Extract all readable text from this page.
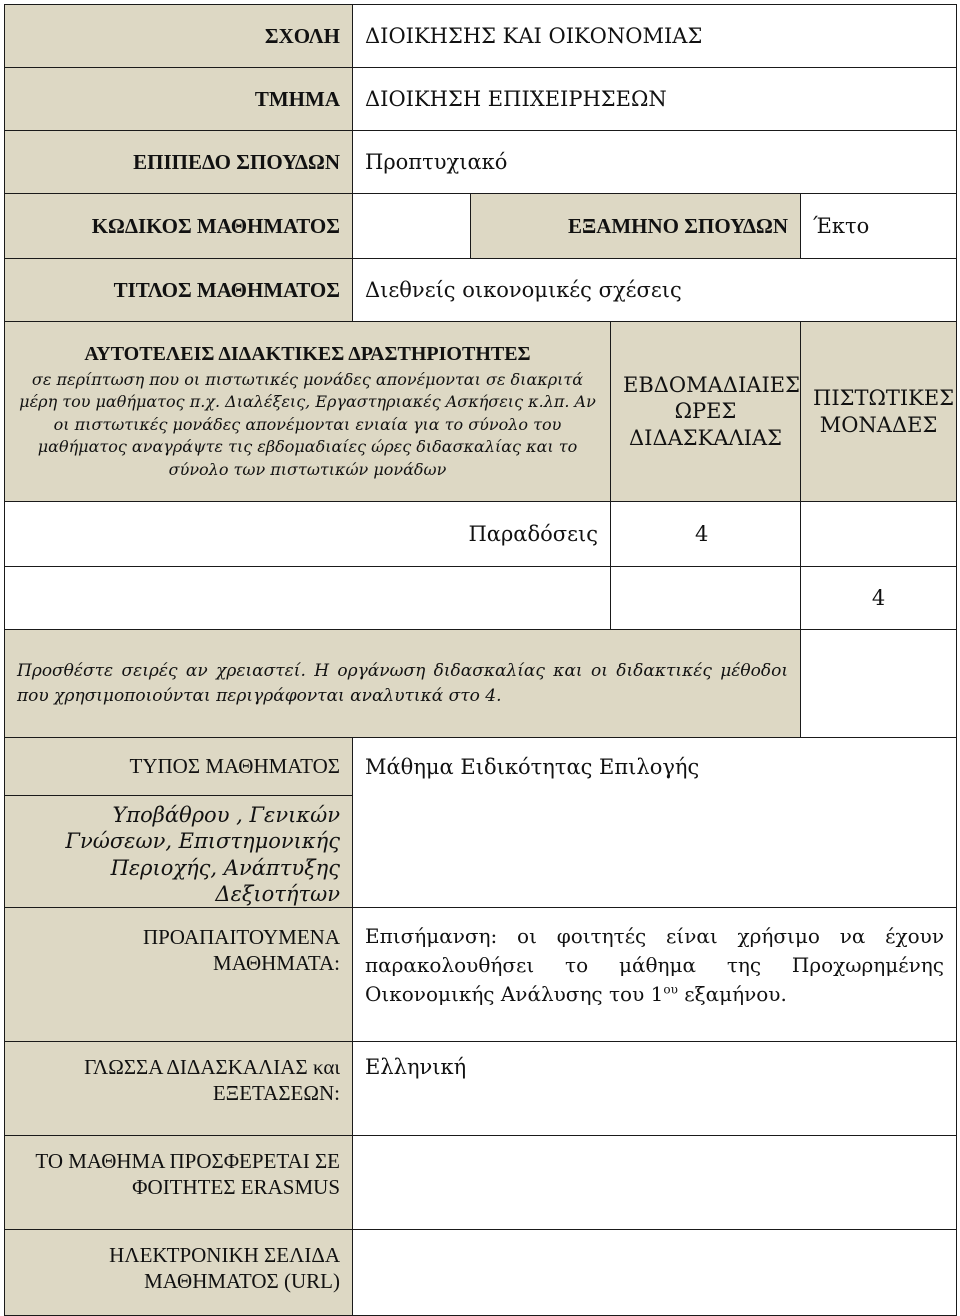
ΣΧΟΛΗ	ΔΙΟΙΚΗΣΗΣ ΚΑΙ ΟΙΚΟΝΟΜΙΑΣ			
ΤΜΗΜΑ	ΔΙΟΙΚΗΣΗ ΕΠΙΧΕΙΡΗΣΕΩΝ			
ΕΠΙΠΕΔΟ ΣΠΟΥΔΩΝ	Προπτυχιακό			
ΚΩΔΙΚΟΣ ΜΑΘΗΜΑΤΟΣ		ΕΞΑΜΗΝΟ ΣΠΟΥΔΩΝ		Έκτο
ΤΙΤΛΟΣ ΜΑΘΗΜΑΤΟΣ	Διεθνείς οικονομικές σχέσεις			

ΑΥΤΟΤΕΛΕΙΣ ΔΙΔΑΚΤΙΚΕΣ ΔΡΑΣΤΗΡΙΟΤΗΤΕΣ
σε περίπτωση που οι πιστωτικές μονάδες απονέμονται σε διακριτά μέρη του μαθήματος π.χ. Διαλέξεις, Εργαστηριακές Ασκήσεις κ.λπ. Αν οι πιστωτικές μονάδες απονέμονται ενιαία για το σύνολο του μαθήματος αναγράψτε τις εβδομαδιαίες ώρες διδασκαλίας και το σύνολο των πιστωτικών μονάδων			ΕΒΔΟΜΑΔΙΑΙΕΣ ΩΡΕΣ ΔΙΔΑΣΚΑΛΙΑΣ	ΠΙΣΤΩΤΙΚΕΣ ΜΟΝΑΔΕΣ
Παραδόσεις			4	
				4
Προσθέστε σειρές αν χρειαστεί. Η οργάνωση διδασκαλίας και οι διδακτικές μέθοδοι που χρησιμοποιούνται περιγράφονται αναλυτικά στο 4.				
ΤΥΠΟΣ ΜΑΘΗΜΑΤΟΣ	Μάθημα Ειδικότητας Επιλογής			
Υποβάθρου , Γενικών Γνώσεων, Επιστημονικής Περιοχής, Ανάπτυξης Δεξιοτήτων				
ΠΡΟΑΠΑΙΤΟΥΜΕΝΑ ΜΑΘΗΜΑΤΑ:	Επισήμανση: οι φοιτητές είναι χρήσιμο να έχουν παρακολουθήσει το μάθημα της Προχωρημένης Οικονομικής Ανάλυσης του $1^{o\upsilon}$ εξαμήνου.			
ΓΛΩΣΣΑ ΔΙΔΑΣΚΑΛΙΑΣ και ΕΞΕΤΑΣΕΩΝ:	Ελληνική			
ΤΟ ΜΑΘΗΜΑ ΠΡΟΣΦΕΡΕΤΑΙ ΣΕ ΦΟΙΤΗΤΕΣ ERASMUS				
ΗΛΕΚΤΡΟΝΙΚΗ ΣΕΛΙΔΑ ΜΑΘΗΜΑΤΟΣ (URL)				
